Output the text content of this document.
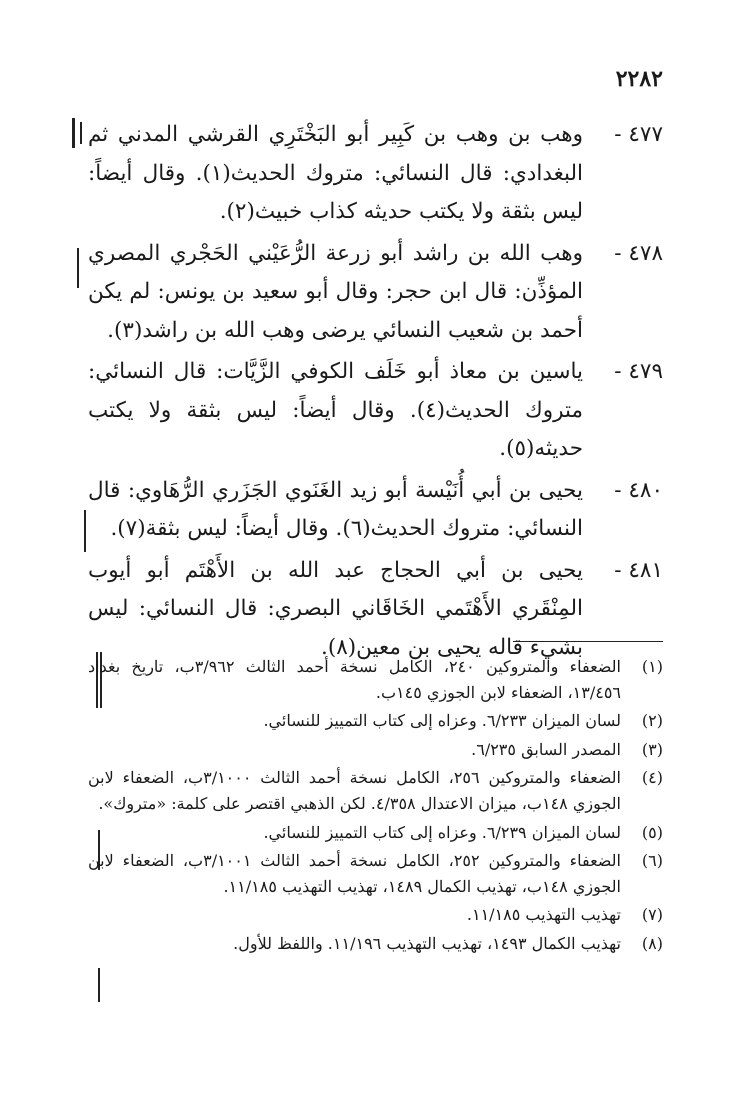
٢٢٨٢
٤٧٧ -
وهب بن وهب بن كَبِير أبو البَخْتَرِي القرشي المدني ثم البغدادي: قال النسائي: متروك الحديث(١). وقال أيضاً: ليس بثقة ولا يكتب حديثه كذاب خبيث(٢).
٤٧٨ -
وهب الله بن راشد أبو زرعة الرُّعَيْني الحَجْري المصري المؤذِّن: قال ابن حجر: وقال أبو سعيد بن يونس: لم يكن أحمد بن شعيب النسائي يرضى وهب الله بن راشد(٣).
٤٧٩ -
ياسين بن معاذ أبو خَلَف الكوفي الزَّيَّات: قال النسائي: متروك الحديث(٤). وقال أيضاً: ليس بثقة ولا يكتب حديثه(٥).
٤٨٠ -
يحيى بن أبي أُنَيْسة أبو زيد الغَنَوي الجَزَري الرُّهَاوي: قال النسائي: متروك الحديث(٦). وقال أيضاً: ليس بثقة(٧).
٤٨١ -
يحيى بن أبي الحجاج عبد الله بن الأَهْتَم أبو أيوب المِنْقَري الأَهْتَمي الخَاقَاني البصري: قال النسائي: ليس بشيء قاله يحيى بن معين(٨).
(١)
الضعفاء والمتروكين ٢٤٠، الكامل نسخة أحمد الثالث ٣/٩٦٢ب، تاريخ بغداد ١٣/٤٥٦، الضعفاء لابن الجوزي ١٤٥ب.
(٢)
لسان الميزان ٦/٢٣٣. وعزاه إلى كتاب التمييز للنسائي.
(٣)
المصدر السابق ٦/٢٣٥.
(٤)
الضعفاء والمتروكين ٢٥٦، الكامل نسخة أحمد الثالث ٣/١٠٠٠ب، الضعفاء لابن الجوزي ١٤٨ب، ميزان الاعتدال ٤/٣٥٨. لكن الذهبي اقتصر على كلمة: «متروك».
(٥)
لسان الميزان ٦/٢٣٩. وعزاه إلى كتاب التمييز للنسائي.
(٦)
الضعفاء والمتروكين ٢٥٢، الكامل نسخة أحمد الثالث ٣/١٠٠١ب، الضعفاء لابن الجوزي ١٤٨ب، تهذيب الكمال ١٤٨٩، تهذيب التهذيب ١١/١٨٥.
(٧)
تهذيب التهذيب ١١/١٨٥.
(٨)
تهذيب الكمال ١٤٩٣، تهذيب التهذيب ١١/١٩٦. واللفظ للأول.
